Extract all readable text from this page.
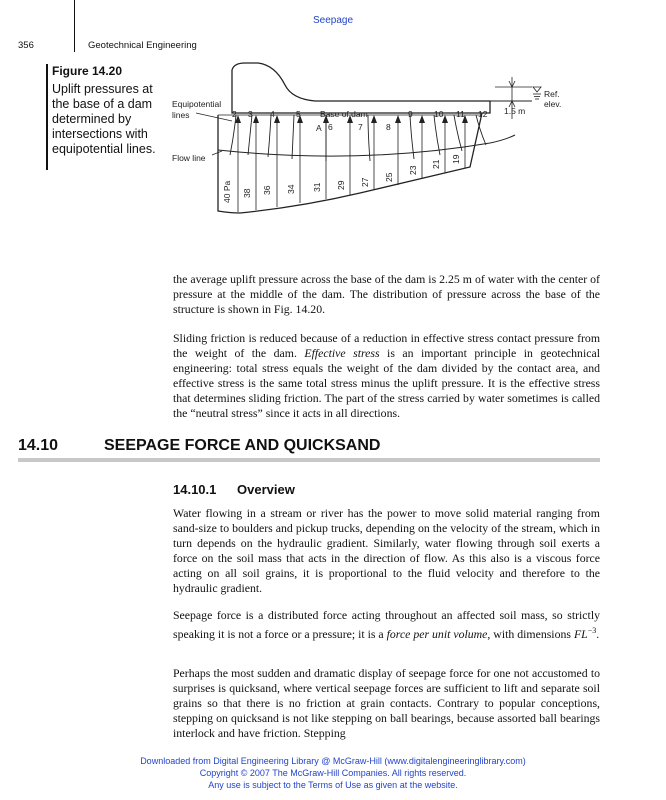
Seepage
356	Geotechnical Engineering
Figure 14.20
Uplift pressures at the base of a dam determined by intersections with equipotential lines.
Equipotential
lines
Flow line
Base of dam
A
Ref.
elev.
1.5 m
2 3 4	5	9	10 11 12
6	7	8
40 Pa 38 36 34 31 29 27
25
23
21
19

the average uplift pressure across the base of the dam is 2.25 m of water with the center of pressure at the middle of the dam. The distribution of pressure across the base of the structure is shown in Fig. 14.20.

Sliding friction is reduced because of a reduction in effective stress contact pressure from the weight of the dam. Effective stress is an important principle in geotechnical engineering: total stress equals the weight of the dam divided by the contact area, and effective stress is the same total stress minus the uplift pressure. It is the effective stress that determines sliding friction. The part of the stress carried by water sometimes is called the “neutral stress” since it acts in all directions.

14.10	SEEPAGE FORCE AND QUICKSAND
14.10.1 Overview

Water flowing in a stream or river has the power to move solid material ranging from sand-size to boulders and pickup trucks, depending on the velocity of the stream, which in turn depends on the hydraulic gradient. Similarly, water flowing through soil exerts a force on the soil mass that acts in the direction of flow. As this also is a viscous force acting on all soil grains, it is proportional to the fluid velocity and therefore to the hydraulic gradient.

Seepage force is a distributed force acting throughout an affected soil mass, so strictly speaking it is not a force or a pressure; it is a force per unit volume, with dimensions $FL^{-3}$.

Perhaps the most sudden and dramatic display of seepage force for one not accustomed to surprises is quicksand, where vertical seepage forces are sufficient to lift and separate soil grains so that there is no friction at grain contacts. Contrary to popular conceptions, stepping on quicksand is not like stepping on ball bearings, because assorted ball bearings interlock and have friction. Stepping

Downloaded from Digital Engineering Library @ McGraw-Hill (www.digitalengineeringlibrary.com)
Copyright © 2007 The McGraw-Hill Companies. All rights reserved.
Any use is subject to the Terms of Use as given at the website.
